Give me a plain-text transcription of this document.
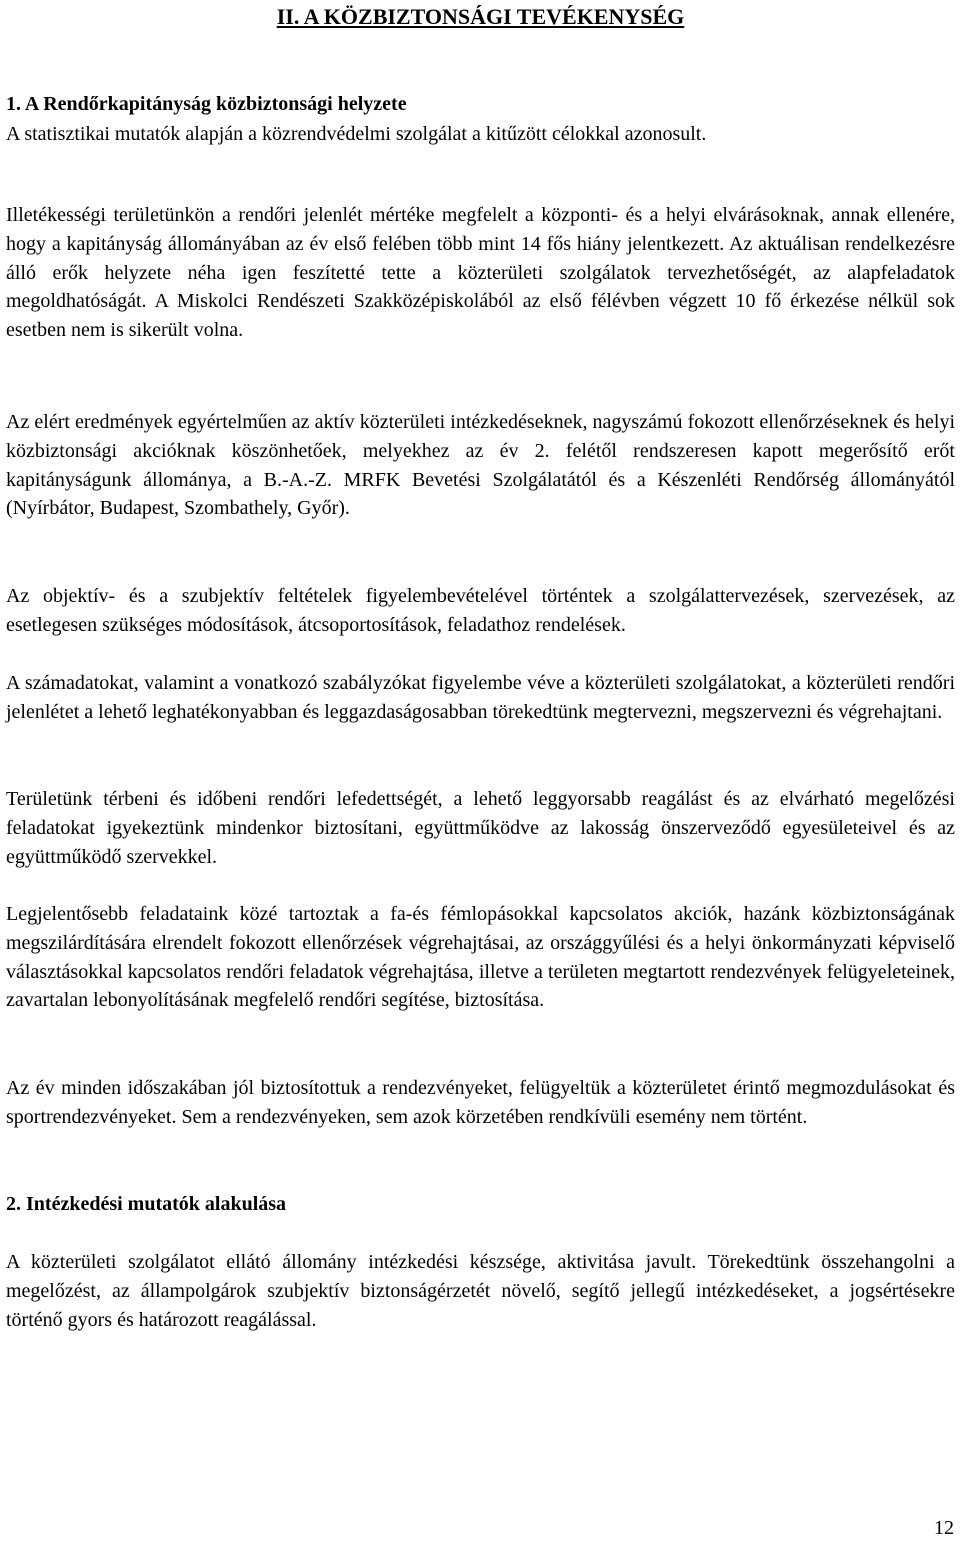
II. A KÖZBIZTONSÁGI TEVÉKENYSÉG
1. A Rendőrkapitányság közbiztonsági helyzete

A statisztikai mutatók alapján a közrendvédelmi szolgálat a kitűzött célokkal azonosult.

Illetékességi területünkön a rendőri jelenlét mértéke megfelelt a központi- és a helyi elvárásoknak, annak ellenére, hogy a kapitányság állományában az év első felében több mint 14 fős hiány jelentkezett. Az aktuálisan rendelkezésre álló erők helyzete néha igen feszítetté tette a közterületi szolgálatok tervezhetőségét, az alapfeladatok megoldhatóságát. A Miskolci Rendészeti Szakközépiskolából az első félévben végzett 10 fő érkezése nélkül sok esetben nem is sikerült volna.

Az elért eredmények egyértelműen az aktív közterületi intézkedéseknek, nagyszámú fokozott ellenőrzéseknek és helyi közbiztonsági akcióknak köszönhetőek, melyekhez az év 2. felétől rendszeresen kapott megerősítő erőt kapitányságunk állománya, a B.-A.-Z. MRFK Bevetési Szolgálatától és a Készenléti Rendőrség állományától (Nyírbátor, Budapest, Szombathely, Győr).

Az objektív- és a szubjektív feltételek figyelembevételével történtek a szolgálattervezések, szervezések, az esetlegesen szükséges módosítások, átcsoportosítások, feladathoz rendelések.

A számadatokat, valamint a vonatkozó szabályzókat figyelembe véve a közterületi szolgálatokat, a közterületi rendőri jelenlétet a lehető leghatékonyabban és leggazdaságosabban törekedtünk megtervezni, megszervezni és végrehajtani.

Területünk térbeni és időbeni rendőri lefedettségét, a lehető leggyorsabb reagálást és az elvárható megelőzési feladatokat igyekeztünk mindenkor biztosítani, együttműködve az lakosság önszerveződő egyesületeivel és az együttműködő szervekkel.

Legjelentősebb feladataink közé tartoztak a fa-és fémlopásokkal kapcsolatos akciók, hazánk közbiztonságának megszilárdítására elrendelt fokozott ellenőrzések végrehajtásai, az országgyűlési és a helyi önkormányzati képviselő választásokkal kapcsolatos rendőri feladatok végrehajtása, illetve a területen megtartott rendezvények felügyeleteinek, zavartalan lebonyolításának megfelelő rendőri segítése, biztosítása.

Az év minden időszakában jól biztosítottuk a rendezvényeket, felügyeltük a közterületet érintő megmozdulásokat és sportrendezvényeket. Sem a rendezvényeken, sem azok körzetében rendkívüli esemény nem történt.

2. Intézkedési mutatók alakulása

A közterületi szolgálatot ellátó állomány intézkedési készsége, aktivitása javult. Törekedtünk összehangolni a megelőzést, az állampolgárok szubjektív biztonságérzetét növelő, segítő jellegű intézkedéseket, a jogsértésekre történő gyors és határozott reagálással.

12
